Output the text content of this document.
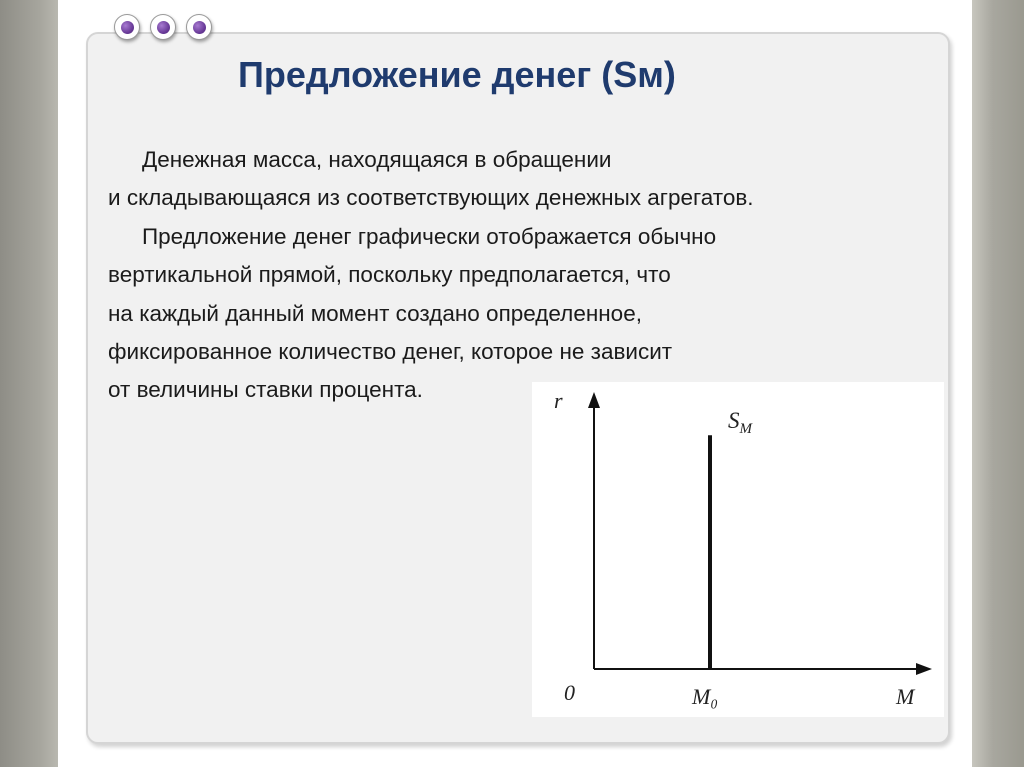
Предложение денег (Sм)
Денежная масса, находящаяся в обращении
и складывающаяся из соответствующих денежных агрегатов.
Предложение денег графически отображается обычно
вертикальной прямой, поскольку предполагается, что
на каждый данный момент создано определенное,
фиксированное количество денег, которое не зависит
от величины ставки процента.	r
0	M₀	M
$S_M$
